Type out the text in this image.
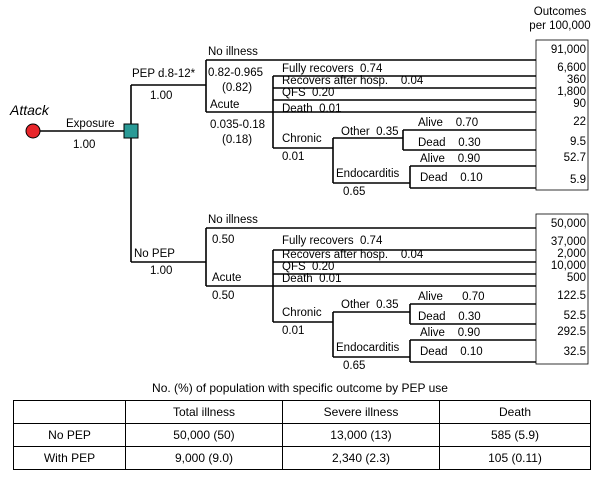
Outcomes
per 100,000
Attack
Exposure
1.00
PEP d.8-12*
1.00
No illness
0.82-0.965
(0.82)
Acute
0.035-0.18
(0.18)
Fully recovers 0.74
Recovers after hosp. 0.04
QFS 0.20
Death 0.01
Chronic
0.01
Other 0.35
Endocarditis
0.65
Alive 0.70
Dead 0.30
Alive 0.90
Dead 0.10
91,000
6,600
360
1,800
90
22
9.5
52.7
5.9
No PEP
1.00
No illness
0.50
Acute
0.50
Fully recovers 0.74
Recovers after hosp. 0.04
QFS 0.20
Death 0.01
Chronic
0.01
Other 0.35
Endocarditis
0.65
Alive 0.70
Dead 0.30
Alive 0.90
Dead 0.10
50,000
37,000
2,000
10,000
500
122.5
52.5
292.5
32.5
No. (%) of population with specific outcome by PEP use
	Total illness	Severe illness	Death
No PEP	50,000 (50)	13,000 (13)	585 (5.9)
With PEP	9,000 (9.0)	2,340 (2.3)	105 (0.11)
